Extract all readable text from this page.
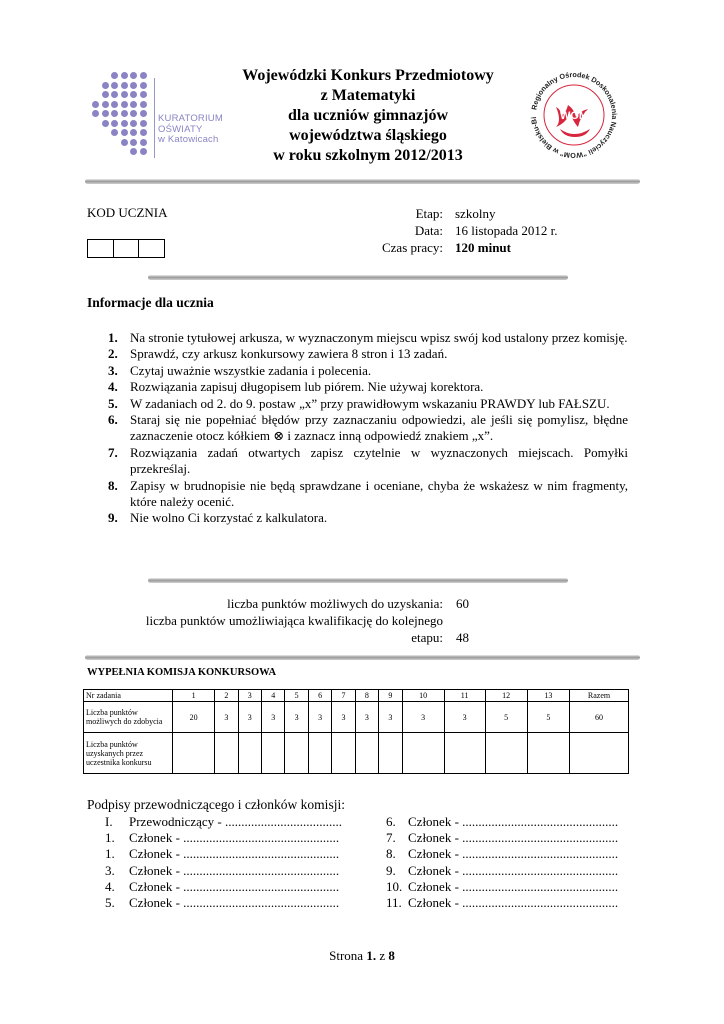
KURATORIUM
OŚWIATY
w Katowicach
Wojewódzki Konkurs Przedmiotowy
z Matematyki
dla uczniów gimnazjów
województwa śląskiego
w roku szkolnym 2012/2013
Regionalny Ośrodek Doskonalenia Nauczycieli "WOM" w Bielsku-Bi	WOM
KOD UCZNIA	Etap: szkolny
Data: 16 listopada 2012 r.
Czas pracy: 120 minut
Informacje dla ucznia
1. Na stronie tytułowej arkusza, w wyznaczonym miejscu wpisz swój kod ustalony przez komisję.
2. Sprawdź, czy arkusz konkursowy zawiera 8 stron i 13 zadań.
3. Czytaj uważnie wszystkie zadania i polecenia.
4. Rozwiązania zapisuj długopisem lub piórem. Nie używaj korektora.
5. W zadaniach od 2. do 9. postaw „x” przy prawidłowym wskazaniu PRAWDY lub FAŁSZU.
6. Staraj się nie popełniać błędów przy zaznaczaniu odpowiedzi, ale jeśli się pomylisz, błędne zaznaczenie otocz kółkiem ⊗ i zaznacz inną odpowiedź znakiem „x”.
7. Rozwiązania zadań otwartych zapisz czytelnie w wyznaczonych miejscach. Pomyłki przekreślaj.
8. Zapisy w brudnopisie nie będą sprawdzane i oceniane, chyba że wskażesz w nim fragmenty, które należy ocenić.
9. Nie wolno Ci korzystać z kalkulatora.
liczba punktów możliwych do uzyskania: 60
liczba punktów umożliwiająca kwalifikację do kolejnego
etapu: 48
WYPEŁNIA KOMISJA KONKURSOWA
Nr zadania	1	2	3	4	5	6	7	8	9	10	11	12	13	Razem
Liczba punktów możliwych do zdobycia	20	3	3	3	3	3	3	3	3	3	3	5	5	60
Liczba punktów uzyskanych przez uczestnika konkursu														
Podpisy przewodniczącego i członków komisji:
I. Przewodniczący - ....................................
1. Członek - ................................................
1. Członek - ................................................
3. Członek - ................................................
4. Członek - ................................................
5. Członek - ................................................
6. Członek - ................................................
7. Członek - ................................................
8. Członek - ................................................
9. Członek - ................................................
10. Członek - ................................................
11. Członek - ................................................
Strona 1. z 8
